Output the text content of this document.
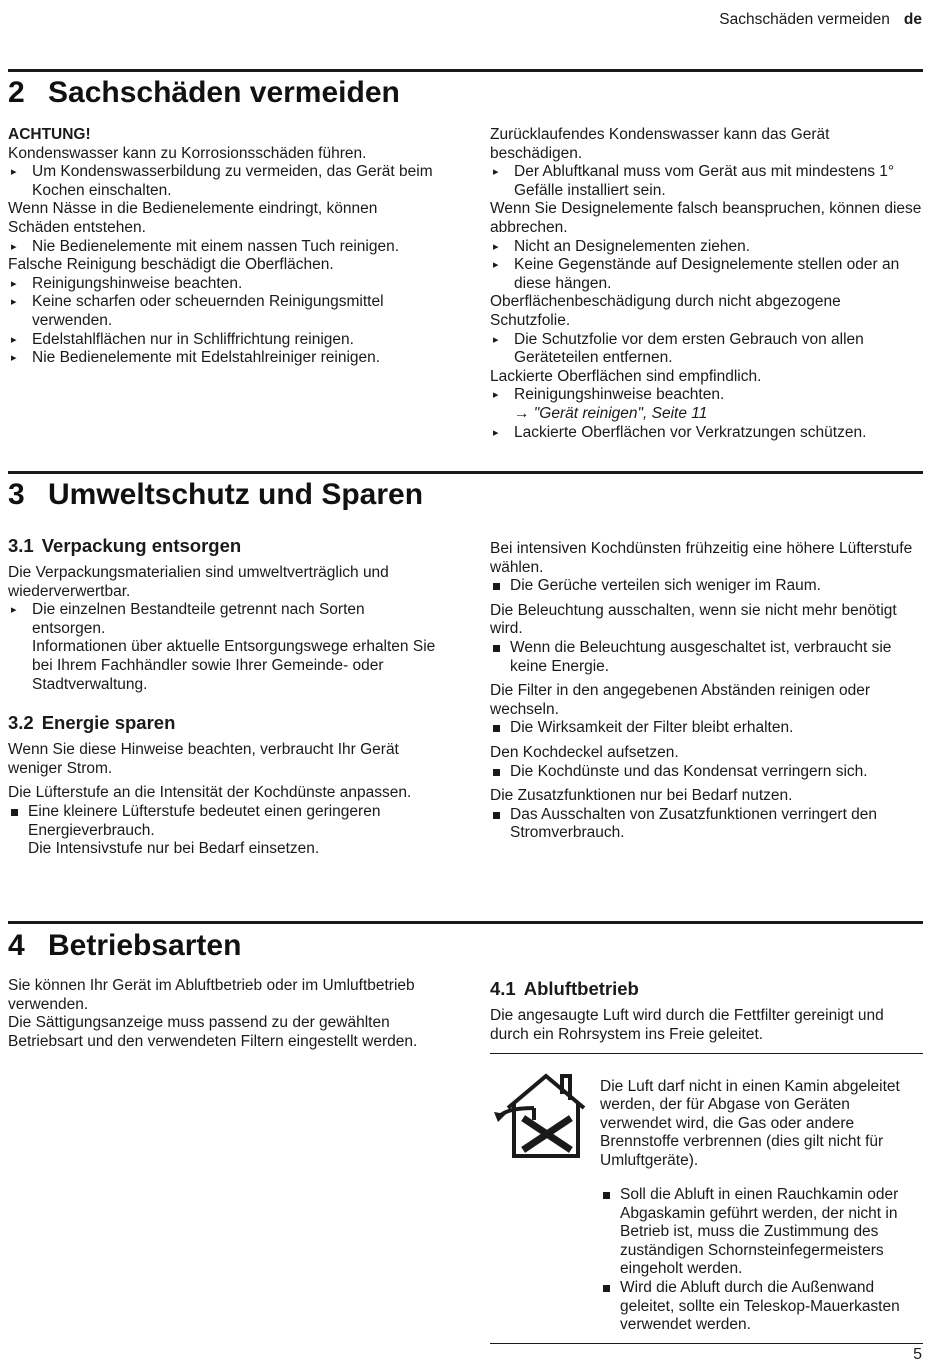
Sachschäden vermeiden de
2 Sachschäden vermeiden

ACHTUNG!

Kondenswasser kann zu Korrosionsschäden führen.

▸ Um Kondenswasserbildung zu vermeiden, das Gerät beim Kochen einschalten.

Wenn Nässe in die Bedienelemente eindringt, können Schäden entstehen.

▸ Nie Bedienelemente mit einem nassen Tuch reinigen.

Falsche Reinigung beschädigt die Oberflächen.

▸ Reinigungshinweise beachten.
▸ Keine scharfen oder scheuernden Reinigungsmittel verwenden.
▸ Edelstahlflächen nur in Schliffrichtung reinigen.
▸ Nie Bedienelemente mit Edelstahlreiniger reinigen.

Zurücklaufendes Kondenswasser kann das Gerät beschädigen.

▸ Der Abluftkanal muss vom Gerät aus mit mindestens 1° Gefälle installiert sein.

Wenn Sie Designelemente falsch beanspruchen, können diese abbrechen.

▸ Nicht an Designelementen ziehen.
▸ Keine Gegenstände auf Designelemente stellen oder an diese hängen.

Oberflächenbeschädigung durch nicht abgezogene Schutzfolie.

▸ Die Schutzfolie vor dem ersten Gebrauch von allen Geräteteilen entfernen.

Lackierte Oberflächen sind empfindlich.

▸ Reinigungshinweise beachten.

→ "Gerät reinigen", Seite 11

▸ Lackierte Oberflächen vor Verkratzungen schützen.
3 Umweltschutz und Sparen
3.1 Verpackung entsorgen

Die Verpackungsmaterialien sind umweltverträglich und wiederverwertbar.

▸ Die einzelnen Bestandteile getrennt nach Sorten entsorgen.

Informationen über aktuelle Entsorgungswege erhalten Sie bei Ihrem Fachhändler sowie Ihrer Gemeinde- oder Stadtverwaltung.

3.2 Energie sparen

Wenn Sie diese Hinweise beachten, verbraucht Ihr Gerät weniger Strom.

Die Lüfterstufe an die Intensität der Kochdünste anpassen.

Eine kleinere Lüfterstufe bedeutet einen geringeren Energieverbrauch.

Die Intensivstufe nur bei Bedarf einsetzen.

Bei intensiven Kochdünsten frühzeitig eine höhere Lüfterstufe wählen.

Die Gerüche verteilen sich weniger im Raum.

Die Beleuchtung ausschalten, wenn sie nicht mehr benötigt wird.

Wenn die Beleuchtung ausgeschaltet ist, verbraucht sie keine Energie.

Die Filter in den angegebenen Abständen reinigen oder wechseln.

Die Wirksamkeit der Filter bleibt erhalten.

Den Kochdeckel aufsetzen.

Die Kochdünste und das Kondensat verringern sich.

Die Zusatzfunktionen nur bei Bedarf nutzen.

Das Ausschalten von Zusatzfunktionen verringert den Stromverbrauch.
4 Betriebsarten

Sie können Ihr Gerät im Abluftbetrieb oder im Umluftbetrieb verwenden.

Die Sättigungsanzeige muss passend zu der gewählten Betriebsart und den verwendeten Filtern eingestellt werden.

4.1 Abluftbetrieb

Die angesaugte Luft wird durch die Fettfilter gereinigt und durch ein Rohrsystem ins Freie geleitet.

Die Luft darf nicht in einen Kamin abgeleitet werden, der für Abgase von Geräten verwendet wird, die Gas oder andere Brennstoffe verbrennen (dies gilt nicht für Umluftgeräte).

Soll die Abluft in einen Rauchkamin oder Abgaskamin geführt werden, der nicht in Betrieb ist, muss die Zustimmung des zuständigen Schornsteinfegermeisters eingeholt werden.
Wird die Abluft durch die Außenwand geleitet, sollte ein Teleskop-Mauerkasten verwendet werden.
5
